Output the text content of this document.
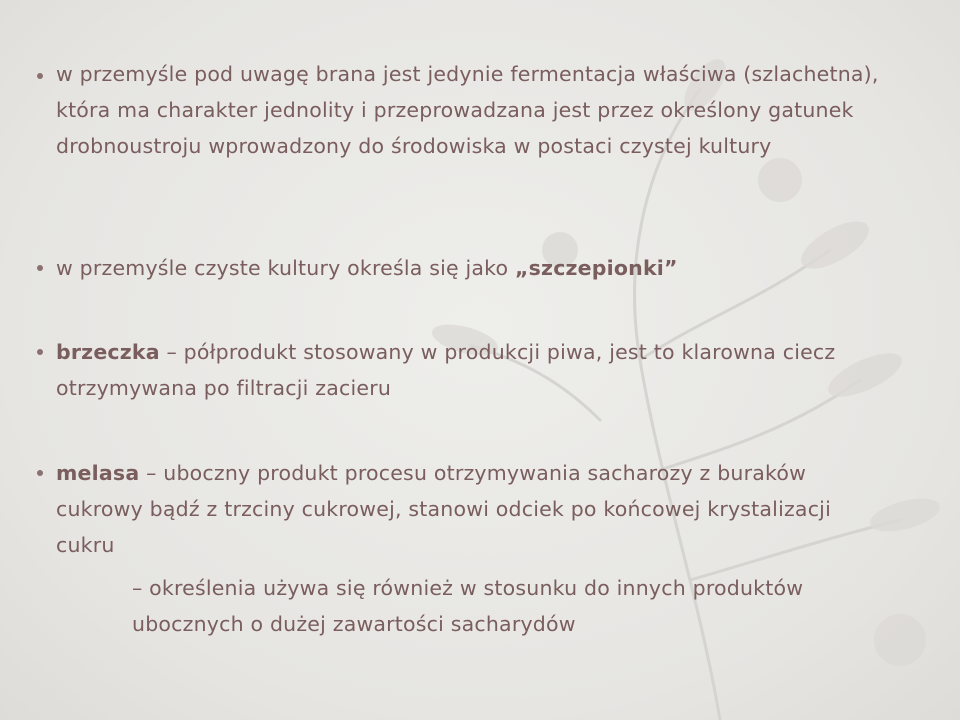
w przemyśle pod uwagę brana jest jedynie fermentacja właściwa (szlachetna), która ma charakter jednolity i przeprowadzana jest przez określony gatunek drobnoustroju wprowadzony do środowiska w postaci czystej kultury
w przemyśle czyste kultury określa się jako „szczepionki”
brzeczka – półprodukt stosowany w produkcji piwa, jest to klarowna ciecz otrzymywana po filtracji zacieru
melasa – uboczny produkt procesu otrzymywania sacharozy z buraków cukrowy bądź z trzciny cukrowej, stanowi odciek po końcowej krystalizacji cukru
– określenia używa się również w stosunku do innych produktów ubocznych o dużej zawartości sacharydów
